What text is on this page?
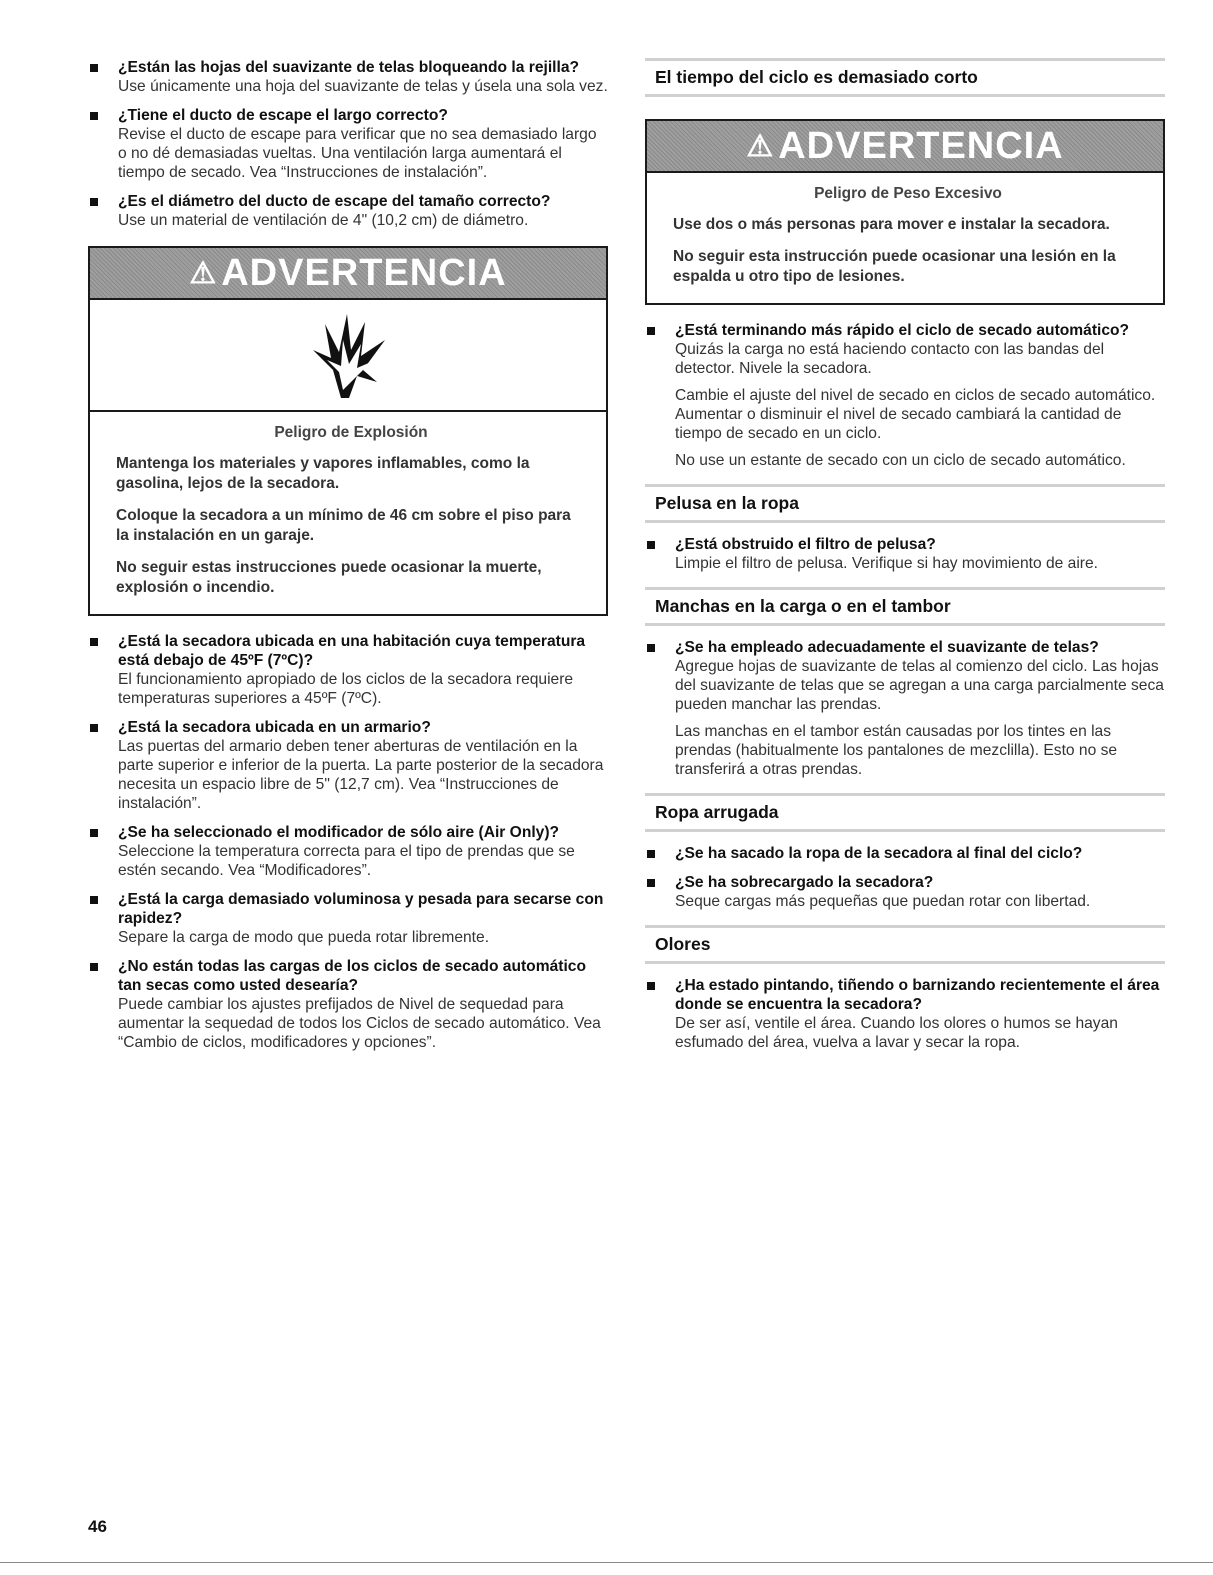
¿Están las hojas del suavizante de telas bloqueando la rejilla?

Use únicamente una hoja del suavizante de telas y úsela una sola vez.

¿Tiene el ducto de escape el largo correcto?

Revise el ducto de escape para verificar que no sea demasiado largo o no dé demasiadas vueltas. Una ventilación larga aumentará el tiempo de secado. Vea “Instrucciones de instalación”.

¿Es el diámetro del ducto de escape del tamaño correcto?

Use un material de ventilación de 4" (10,2 cm) de diámetro.

⚠ ADVERTENCIA
Peligro de Explosión

Mantenga los materiales y vapores inflamables, como la gasolina, lejos de la secadora.

Coloque la secadora a un mínimo de 46 cm sobre el piso para la instalación en un garaje.

No seguir estas instrucciones puede ocasionar la muerte, explosión o incendio.

¿Está la secadora ubicada en una habitación cuya temperatura está debajo de 45ºF (7ºC)?

El funcionamiento apropiado de los ciclos de la secadora requiere temperaturas superiores a 45ºF (7ºC).

¿Está la secadora ubicada en un armario?

Las puertas del armario deben tener aberturas de ventilación en la parte superior e inferior de la puerta. La parte posterior de la secadora necesita un espacio libre de 5" (12,7 cm). Vea “Instrucciones de instalación”.

¿Se ha seleccionado el modificador de sólo aire (Air Only)? Seleccione la temperatura correcta para el tipo de prendas que se estén secando. Vea “Modificadores”.
¿Está la carga demasiado voluminosa y pesada para secarse con rapidez?

Separe la carga de modo que pueda rotar libremente.

¿No están todas las cargas de los ciclos de secado automático tan secas como usted desearía?

Puede cambiar los ajustes prefijados de Nivel de sequedad para aumentar la sequedad de todos los Ciclos de secado automático. Vea “Cambio de ciclos, modificadores y opciones”.

El tiempo del ciclo es demasiado corto
⚠ ADVERTENCIA
Peligro de Peso Excesivo

Use dos o más personas para mover e instalar la secadora.

No seguir esta instrucción puede ocasionar una lesión en la espalda u otro tipo de lesiones.

¿Está terminando más rápido el ciclo de secado automático?

Quizás la carga no está haciendo contacto con las bandas del detector. Nivele la secadora.

Cambie el ajuste del nivel de secado en ciclos de secado automático. Aumentar o disminuir el nivel de secado cambiará la cantidad de tiempo de secado en un ciclo.

No use un estante de secado con un ciclo de secado automático.

Pelusa en la ropa
¿Está obstruido el filtro de pelusa?

Limpie el filtro de pelusa. Verifique si hay movimiento de aire.

Manchas en la carga o en el tambor
¿Se ha empleado adecuadamente el suavizante de telas?

Agregue hojas de suavizante de telas al comienzo del ciclo. Las hojas del suavizante de telas que se agregan a una carga parcialmente seca pueden manchar las prendas.

Las manchas en el tambor están causadas por los tintes en las prendas (habitualmente los pantalones de mezclilla). Esto no se transferirá a otras prendas.

Ropa arrugada
¿Se ha sacado la ropa de la secadora al final del ciclo?
¿Se ha sobrecargado la secadora?

Seque cargas más pequeñas que puedan rotar con libertad.

Olores
¿Ha estado pintando, tiñendo o barnizando recientemente el área donde se encuentra la secadora?

De ser así, ventile el área. Cuando los olores o humos se hayan esfumado del área, vuelva a lavar y secar la ropa.

46
